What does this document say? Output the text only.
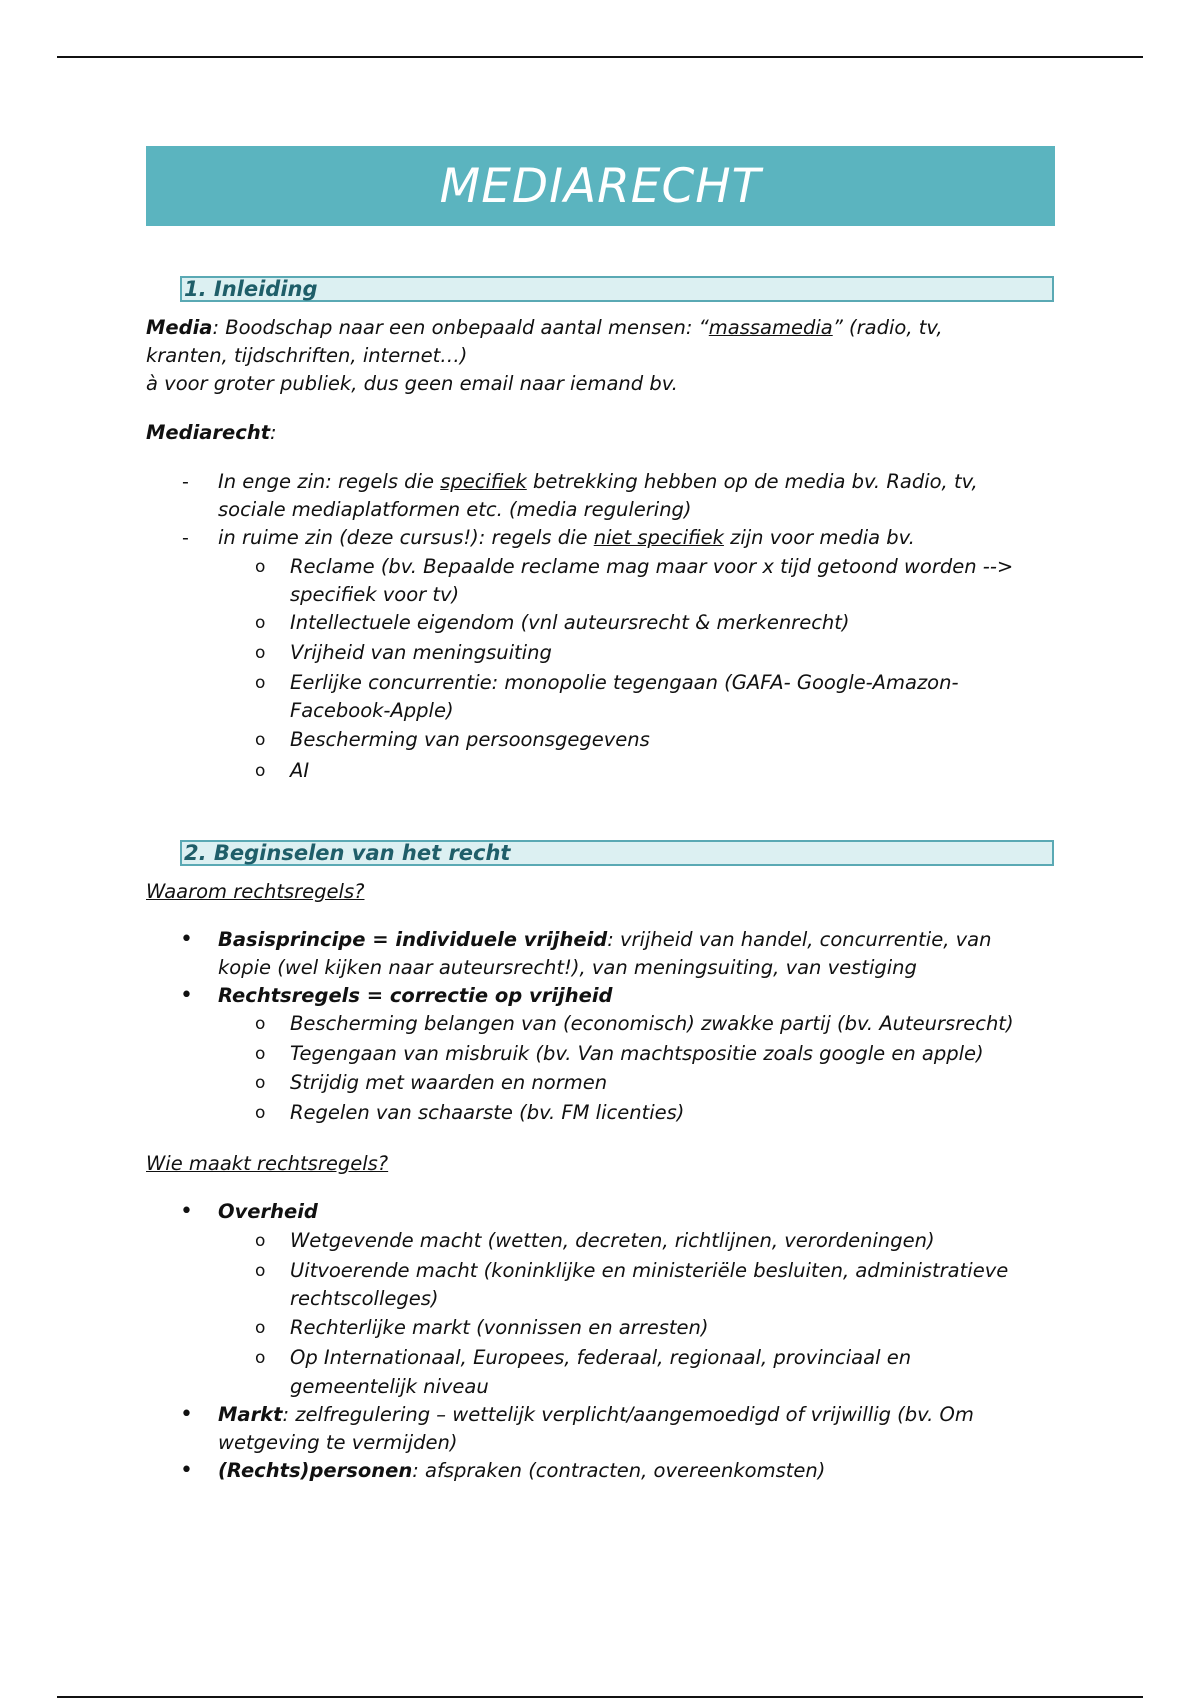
MEDIARECHT
1. Inleiding

Media: Boodschap naar een onbepaald aantal mensen: “massamedia” (radio, tv,

kranten, tijdschriften, internet…)

à voor groter publiek, dus geen email naar iemand bv.

Mediarecht:

- In enge zin: regels die specifiek betrekking hebben op de media bv. Radio, tv,

sociale mediaplatformen etc. (media regulering)

- in ruime zin (deze cursus!): regels die niet specifiek zijn voor media bv.

o Reclame (bv. Bepaalde reclame mag maar voor x tijd getoond worden -->

specifiek voor tv)

o Intellectuele eigendom (vnl auteursrecht & merkenrecht)

o Vrijheid van meningsuiting

o Eerlijke concurrentie: monopolie tegengaan (GAFA- Google-Amazon-

Facebook-Apple)

o Bescherming van persoonsgegevens

o AI

2. Beginselen van het recht

Waarom rechtsregels?

• Basisprincipe = individuele vrijheid: vrijheid van handel, concurrentie, van

kopie (wel kijken naar auteursrecht!), van meningsuiting, van vestiging

• Rechtsregels = correctie op vrijheid

o Bescherming belangen van (economisch) zwakke partij (bv. Auteursrecht)

o Tegengaan van misbruik (bv. Van machtspositie zoals google en apple)

o Strijdig met waarden en normen

o Regelen van schaarste (bv. FM licenties)

Wie maakt rechtsregels?

• Overheid

o Wetgevende macht (wetten, decreten, richtlijnen, verordeningen)

o Uitvoerende macht (koninklijke en ministeriële besluiten, administratieve

rechtscolleges)

o Rechterlijke markt (vonnissen en arresten)

o Op Internationaal, Europees, federaal, regionaal, provinciaal en

gemeentelijk niveau

• Markt: zelfregulering – wettelijk verplicht/aangemoedigd of vrijwillig (bv. Om

wetgeving te vermijden)

• (Rechts)personen: afspraken (contracten, overeenkomsten)
